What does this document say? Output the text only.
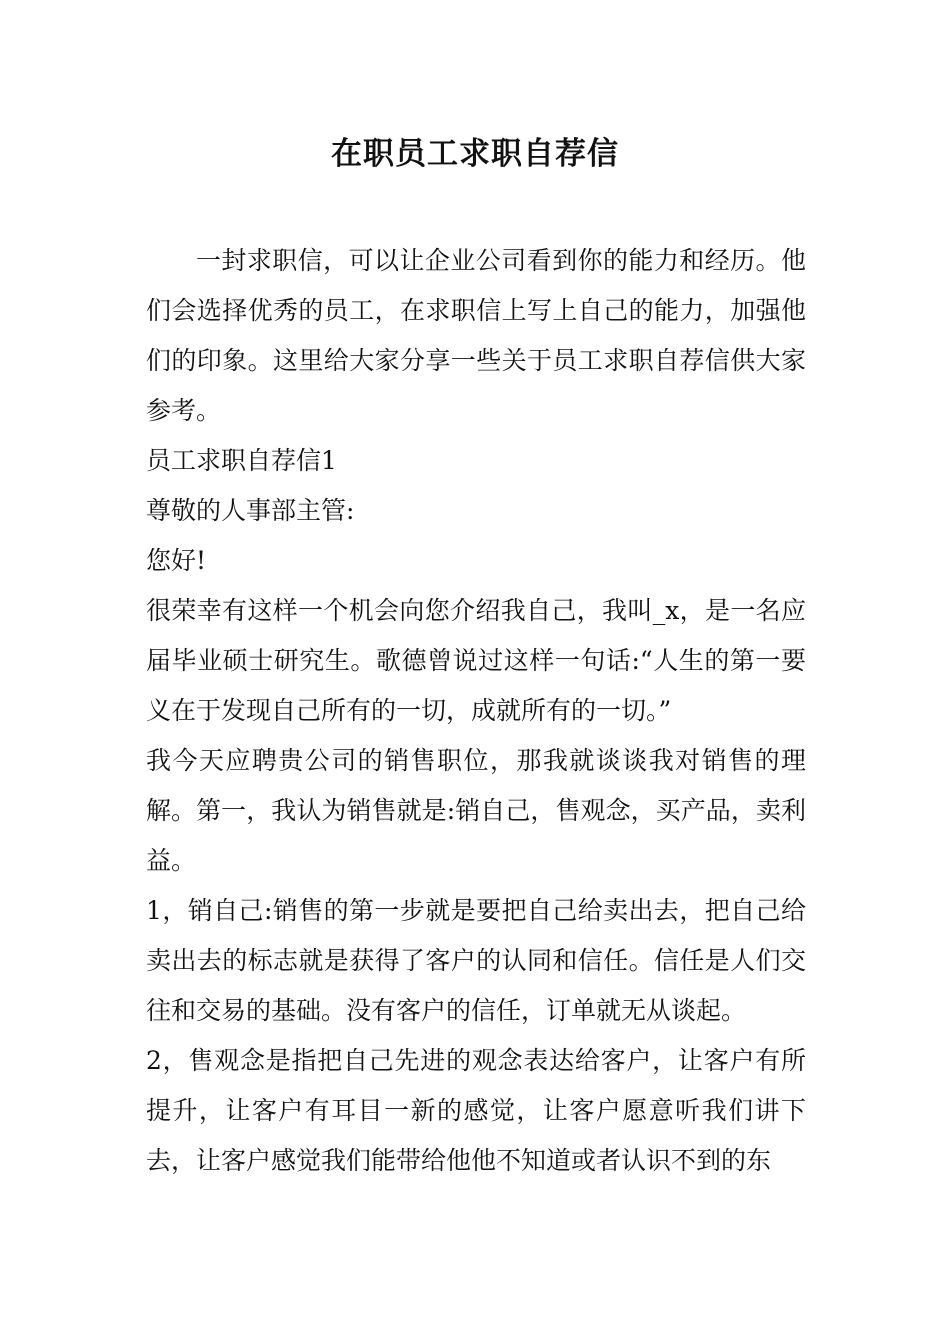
在职员工求职自荐信

一封求职信，可以让企业公司看到你的能力和经历。他们会选择优秀的员工，在求职信上写上自己的能力，加强他们的印象。这里给大家分享一些关于员工求职自荐信供大家参考。

员工求职自荐信1

尊敬的人事部主管:

您好!

很荣幸有这样一个机会向您介绍我自己，我叫_x，是一名应届毕业硕士研究生。歌德曾说过这样一句话:“人生的第一要义在于发现自己所有的一切，成就所有的一切。”

我今天应聘贵公司的销售职位，那我就谈谈我对销售的理解。第一，我认为销售就是:销自己，售观念，买产品，卖利益。

1，销自己:销售的第一步就是要把自己给卖出去，把自己给卖出去的标志就是获得了客户的认同和信任。信任是人们交往和交易的基础。没有客户的信任，订单就无从谈起。

2，售观念是指把自己先进的观念表达给客户，让客户有所提升，让客户有耳目一新的感觉，让客户愿意听我们讲下去，让客户感觉我们能带给他他不知道或者认识不到的东
